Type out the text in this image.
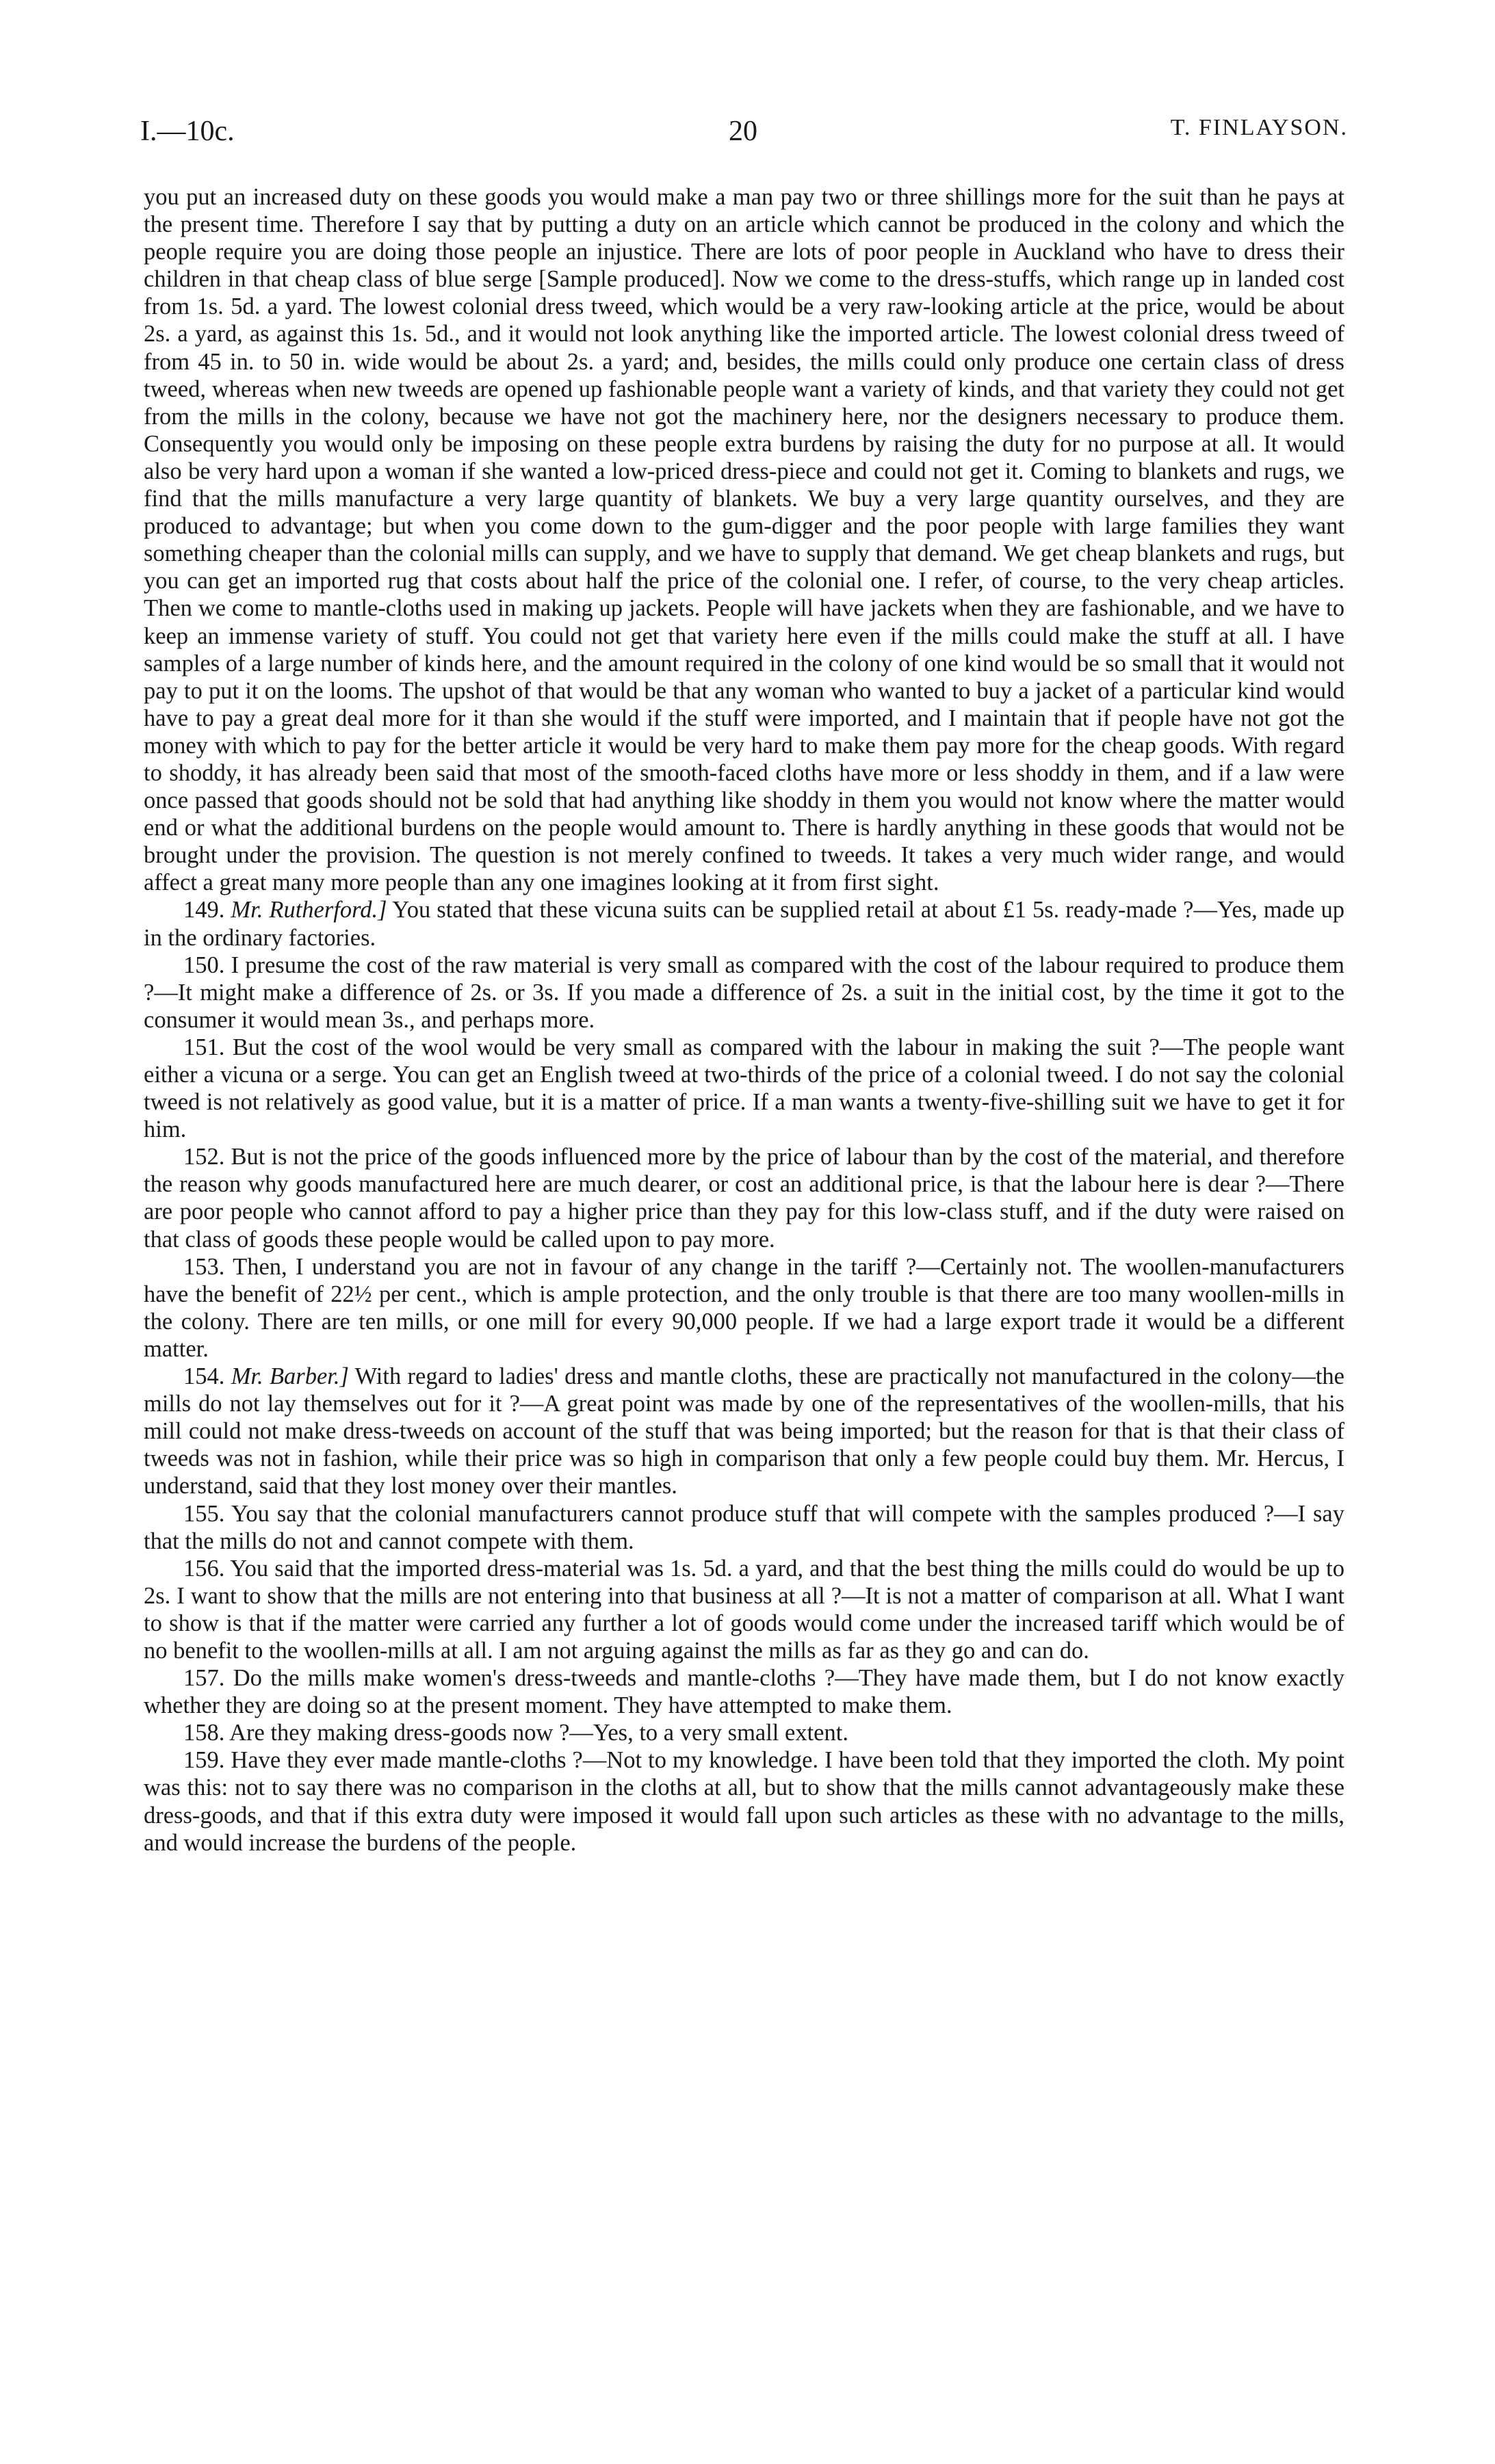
I.—10c.	20	T. FINLAYSON.

you put an increased duty on these goods you would make a man pay two or three shillings more for the suit than he pays at the present time. Therefore I say that by putting a duty on an article which cannot be produced in the colony and which the people require you are doing those people an injustice. There are lots of poor people in Auckland who have to dress their children in that cheap class of blue serge [Sample produced]. Now we come to the dress-stuffs, which range up in landed cost from 1s. 5d. a yard. The lowest colonial dress tweed, which would be a very raw-looking article at the price, would be about 2s. a yard, as against this 1s. 5d., and it would not look anything like the imported article. The lowest colonial dress tweed of from 45 in. to 50 in. wide would be about 2s. a yard; and, besides, the mills could only produce one certain class of dress tweed, whereas when new tweeds are opened up fashionable people want a variety of kinds, and that variety they could not get from the mills in the colony, because we have not got the machinery here, nor the designers necessary to produce them. Consequently you would only be imposing on these people extra burdens by raising the duty for no purpose at all. It would also be very hard upon a woman if she wanted a low-priced dress-piece and could not get it. Coming to blankets and rugs, we find that the mills manufacture a very large quantity of blankets. We buy a very large quantity ourselves, and they are produced to advantage; but when you come down to the gum-digger and the poor people with large families they want something cheaper than the colonial mills can supply, and we have to supply that demand. We get cheap blankets and rugs, but you can get an imported rug that costs about half the price of the colonial one. I refer, of course, to the very cheap articles. Then we come to mantle-cloths used in making up jackets. People will have jackets when they are fashionable, and we have to keep an immense variety of stuff. You could not get that variety here even if the mills could make the stuff at all. I have samples of a large number of kinds here, and the amount required in the colony of one kind would be so small that it would not pay to put it on the looms. The upshot of that would be that any woman who wanted to buy a jacket of a particular kind would have to pay a great deal more for it than she would if the stuff were imported, and I maintain that if people have not got the money with which to pay for the better article it would be very hard to make them pay more for the cheap goods. With regard to shoddy, it has already been said that most of the smooth-faced cloths have more or less shoddy in them, and if a law were once passed that goods should not be sold that had anything like shoddy in them you would not know where the matter would end or what the additional burdens on the people would amount to. There is hardly anything in these goods that would not be brought under the provision. The question is not merely confined to tweeds. It takes a very much wider range, and would affect a great many more people than any one imagines looking at it from first sight.

149. Mr. Rutherford.] You stated that these vicuna suits can be supplied retail at about £1 5s. ready-made ?—Yes, made up in the ordinary factories.

150. I presume the cost of the raw material is very small as compared with the cost of the labour required to produce them ?—It might make a difference of 2s. or 3s. If you made a difference of 2s. a suit in the initial cost, by the time it got to the consumer it would mean 3s., and perhaps more.

151. But the cost of the wool would be very small as compared with the labour in making the suit ?—The people want either a vicuna or a serge. You can get an English tweed at two-thirds of the price of a colonial tweed. I do not say the colonial tweed is not relatively as good value, but it is a matter of price. If a man wants a twenty-five-shilling suit we have to get it for him.

152. But is not the price of the goods influenced more by the price of labour than by the cost of the material, and therefore the reason why goods manufactured here are much dearer, or cost an additional price, is that the labour here is dear ?—There are poor people who cannot afford to pay a higher price than they pay for this low-class stuff, and if the duty were raised on that class of goods these people would be called upon to pay more.

153. Then, I understand you are not in favour of any change in the tariff ?—Certainly not. The woollen-manufacturers have the benefit of 22½ per cent., which is ample protection, and the only trouble is that there are too many woollen-mills in the colony. There are ten mills, or one mill for every 90,000 people. If we had a large export trade it would be a different matter.

154. Mr. Barber.] With regard to ladies' dress and mantle cloths, these are practically not manufactured in the colony—the mills do not lay themselves out for it ?—A great point was made by one of the representatives of the woollen-mills, that his mill could not make dress-tweeds on account of the stuff that was being imported; but the reason for that is that their class of tweeds was not in fashion, while their price was so high in comparison that only a few people could buy them. Mr. Hercus, I understand, said that they lost money over their mantles.

155. You say that the colonial manufacturers cannot produce stuff that will compete with the samples produced ?—I say that the mills do not and cannot compete with them.

156. You said that the imported dress-material was 1s. 5d. a yard, and that the best thing the mills could do would be up to 2s. I want to show that the mills are not entering into that business at all ?—It is not a matter of comparison at all. What I want to show is that if the matter were carried any further a lot of goods would come under the increased tariff which would be of no benefit to the woollen-mills at all. I am not arguing against the mills as far as they go and can do.

157. Do the mills make women's dress-tweeds and mantle-cloths ?—They have made them, but I do not know exactly whether they are doing so at the present moment. They have attempted to make them.

158. Are they making dress-goods now ?—Yes, to a very small extent.

159. Have they ever made mantle-cloths ?—Not to my knowledge. I have been told that they imported the cloth. My point was this: not to say there was no comparison in the cloths at all, but to show that the mills cannot advantageously make these dress-goods, and that if this extra duty were imposed it would fall upon such articles as these with no advantage to the mills, and would increase the burdens of the people.
